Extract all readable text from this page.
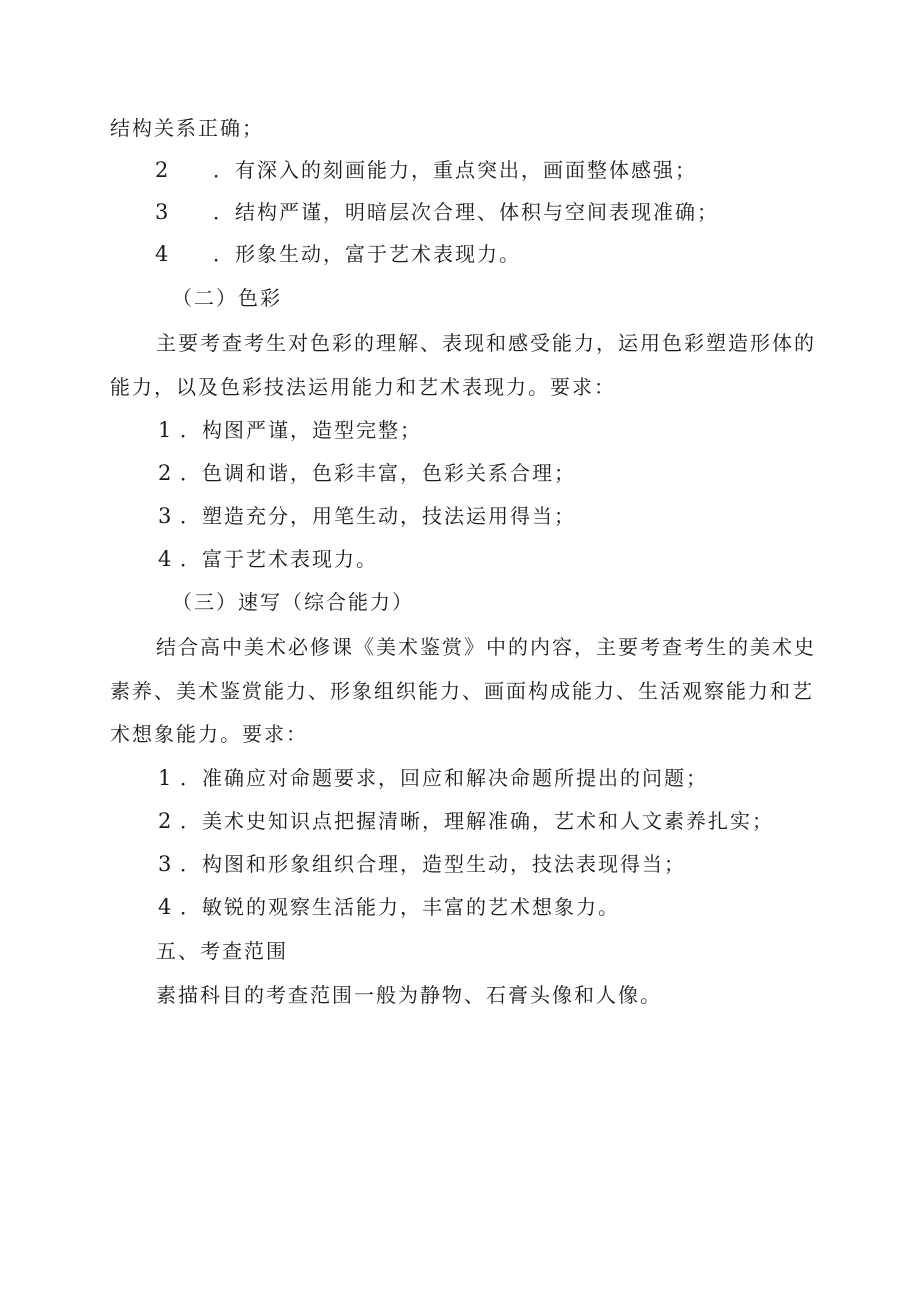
结构关系正确；
2 ．有深入的刻画能力，重点突出，画面整体感强；
3 ．结构严谨，明暗层次合理、体积与空间表现准确；
4 ．形象生动，富于艺术表现力。
（二）色彩
主要考查考生对色彩的理解、表现和感受能力，运用色彩塑造形体的
能力，以及色彩技法运用能力和艺术表现力。要求：
1 ．构图严谨，造型完整；
2 ．色调和谐，色彩丰富，色彩关系合理；
3 ．塑造充分，用笔生动，技法运用得当；
4 ．富于艺术表现力。
（三）速写（综合能力）
结合高中美术必修课《美术鉴赏》中的内容，主要考查考生的美术史
素养、美术鉴赏能力、形象组织能力、画面构成能力、生活观察能力和艺
术想象能力。要求：
1 ．准确应对命题要求，回应和解决命题所提出的问题；
2 ．美术史知识点把握清晰，理解准确，艺术和人文素养扎实；
3 ．构图和形象组织合理，造型生动，技法表现得当；
4 ．敏锐的观察生活能力，丰富的艺术想象力。
五、考查范围
素描科目的考查范围一般为静物、石膏头像和人像。
